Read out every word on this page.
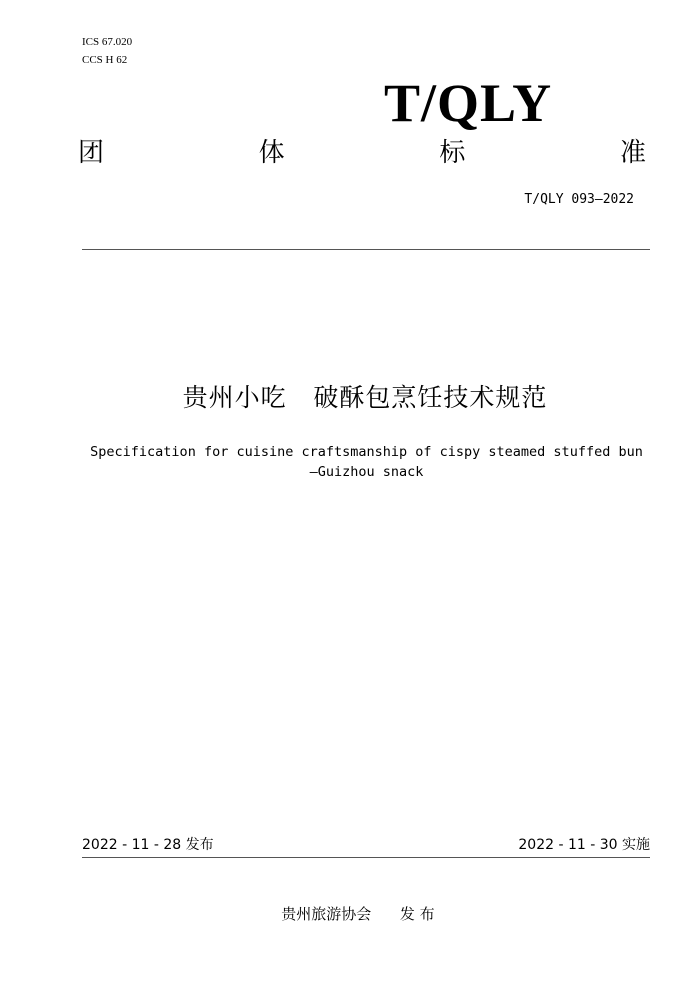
ICS 67.020
CCS H 62
T/QLY
团	体	标	准
T/QLY 093—2022
贵州小吃   破酥包烹饪技术规范
Specification for cuisine craftsmanship of cispy steamed stuffed bun
—Guizhou snack
2022 - 11 - 28 发布	2022 - 11 - 30 实施
贵州旅游协会      发 布
